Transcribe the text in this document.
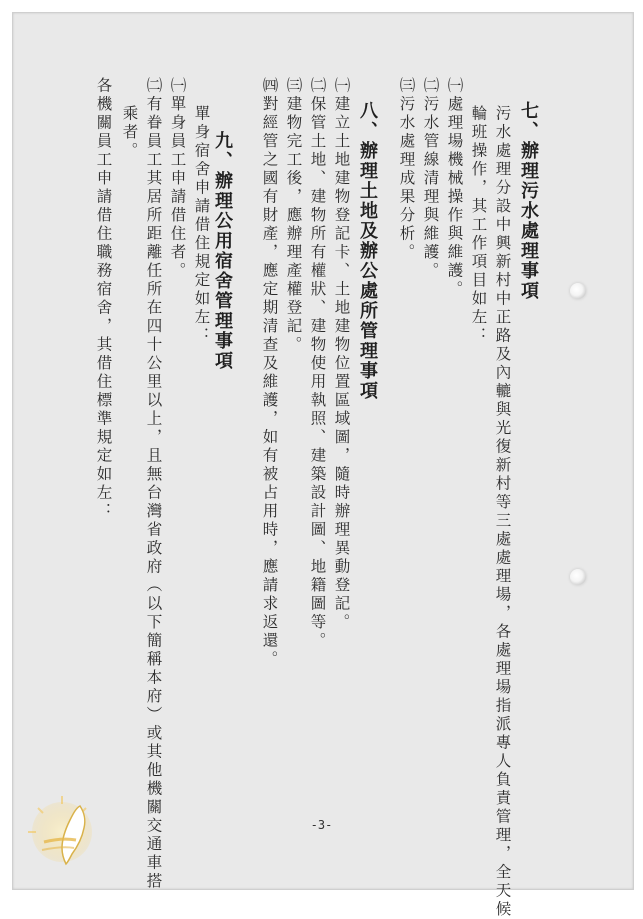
七、辦理污水處理事項
污水處理分設中興新村中正路及內轆與光復新村等三處處理場，各處理場指派專人負責管理，全天候
輪班操作，其工作項目如左：
㈠處理場機械操作與維護。
㈡污水管線清理與維護。
㈢污水處理成果分析。
八、辦理土地及辦公處所管理事項
㈠建立土地建物登記卡、土地建物位置區域圖，隨時辦理異動登記。
㈡保管土地、建物所有權狀、建物使用執照、建築設計圖、地籍圖等。
㈢建物完工後，應辦理產權登記。
㈣對經管之國有財產，應定期清查及維護，如有被占用時，應請求返還。
九、辦理公用宿舍管理事項
單身宿舍申請借住規定如左：
㈠單身員工申請借住者。
㈡有眷員工其居所距離任所在四十公里以上，且無台灣省政府（以下簡稱本府）或其他機關交通車搭
乘者。
各機關員工申請借住職務宿舍，其借住標準規定如左：
-3-
